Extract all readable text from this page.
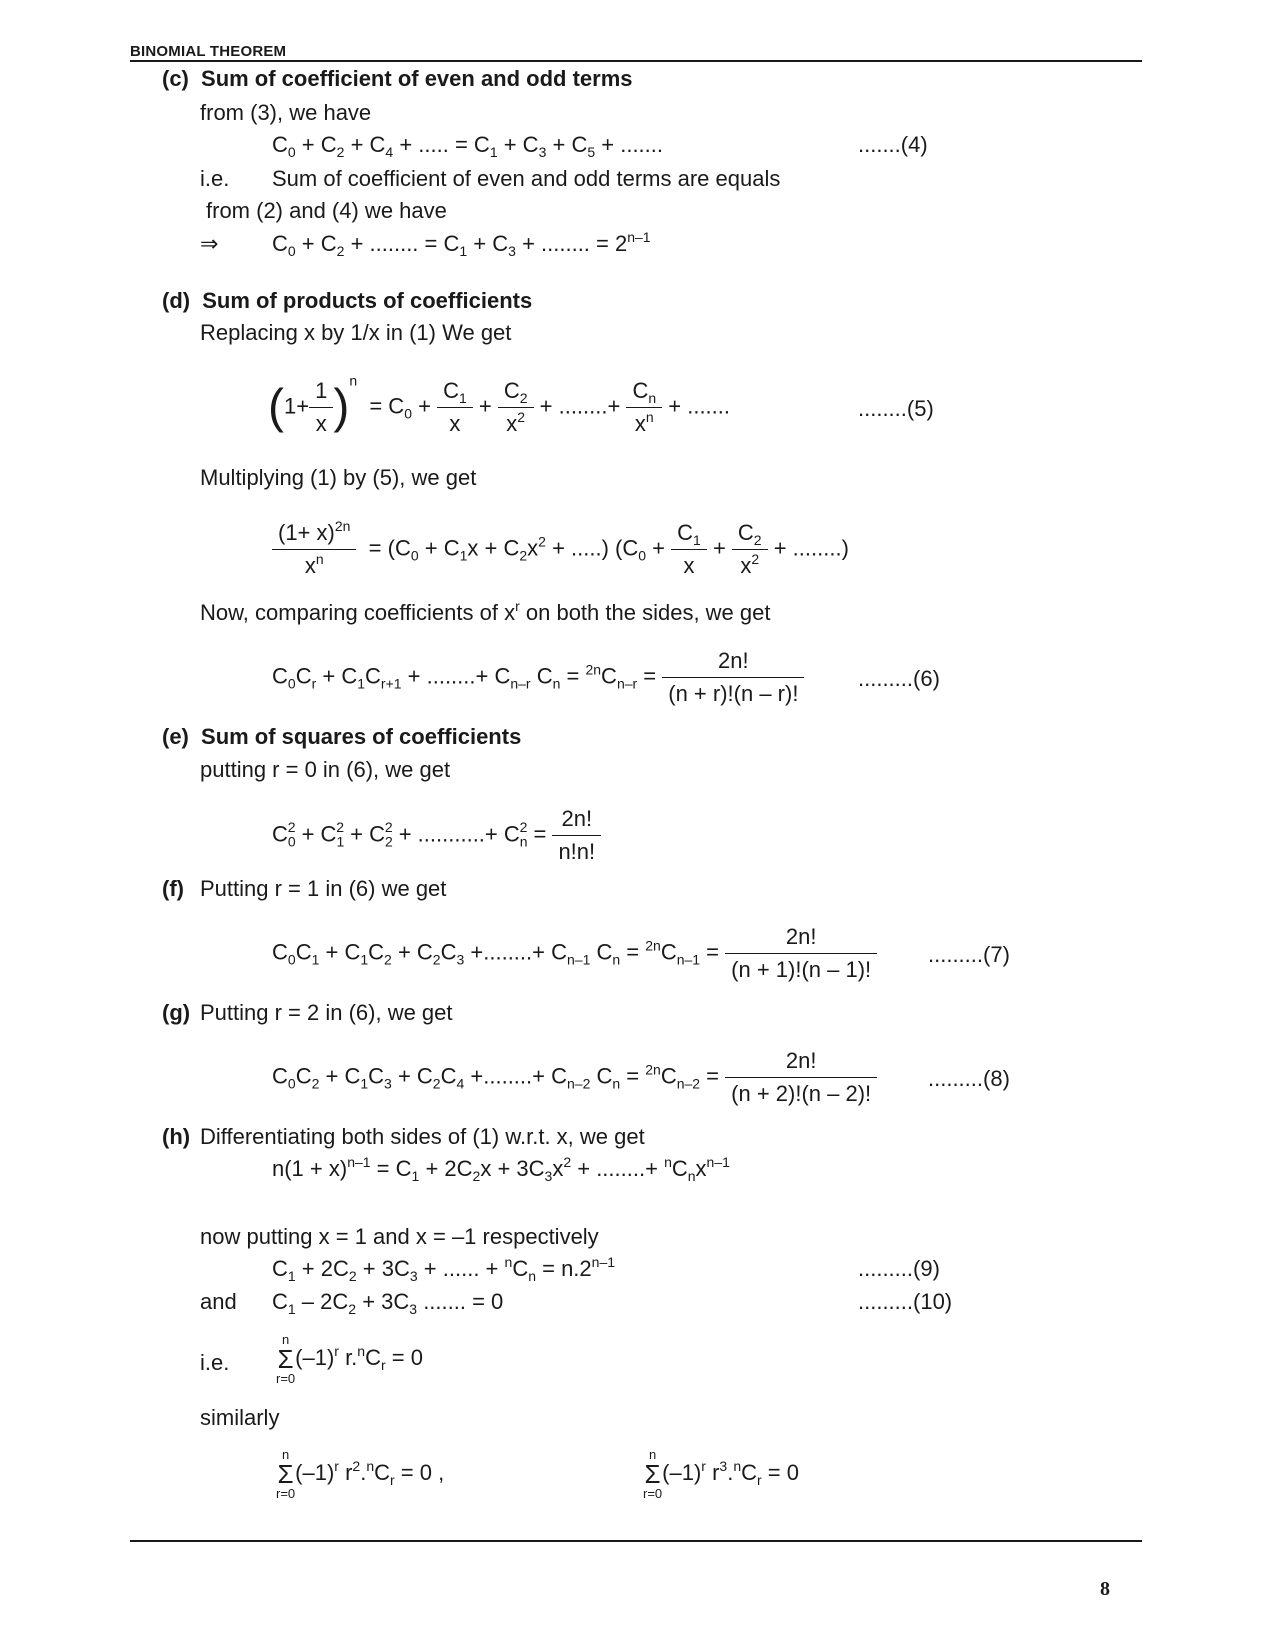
BINOMIAL THEOREM
(c) Sum of coefficient of even and odd terms
from (3), we have
$C_0 + C_2 + C_4$ + ..... = $C_1 + C_3 + C_5$ + .......	.......(4)
i.e. Sum of coefficient of even and odd terms are equals
from (2) and (4) we have
⇒ $C_0 + C_2$ + ........ = $C_1 + C_3$ + ........ = $2^{n-1}$
(d) Sum of products of coefficients
Replacing x by 1/x in (1) We get
$(1+ \frac{1}{x} )^n = C_0 + \frac{C_1}{x} + \frac{C_2}{x^2}$ + ........+ $\frac{C_n}{x^n}$ + .......	........(5)
Multiplying (1) by (5), we get
$\frac{(1+ x)^{2n}}{x^n} = (C_0 + C_1x + C_2x^2$ + .....) ($C_0 + \frac{C_1}{x} + \frac{C_2}{x^2}$ + ........)
Now, comparing coefficients of $x^r$ on both the sides, we get
$C_0C_r + C_1C_{r+1}$ + ........+ $C_{n-r}$ $C_n = ^{2n}C_{n-r} = \frac{2n!}{(n + r)!(n - r)!} .........(6)$
(e) Sum of squares of coefficients
putting r = 0 in (6), we get
$C_0^2 + C_1^2 + C_2^2$ + ...........+ $C_n^2 = \frac{2n!}{n!n!}$
(f) Putting r = 1 in (6) we get
$C_0C_1 + C_1C_2 + C_2C_3$ +........+ $C_{n-1}$ $C_n = ^{2n}C_{n-1} = \frac{2n!}{(n + 1)!(n - 1)!} .........(7)$
(g) Putting r = 2 in (6), we get
$C_0C_2 + C_1C_3 + C_2C_4$ +........+ $C_{n-2}$ $C_n = ^{2n}C_{n-2} = \frac{2n!}{(n + 2)!(n - 2)!} .........(8)$
(h) Differentiating both sides of (1) w.r.t. x, we get
$n(1 + x)^{n-1} = C_1 + 2C_2x + 3C_3x^2$ + ........+ $^nC_nx^{n-1}$
now putting x = 1 and x = –1 respectively
$C_1 + 2C_2 + 3C_3$ + ...... + $^nC_n = n.2^{n-1}$	.........(9)
and $C_1 - 2C_2 + 3C_3$ ....... = 0	.........(10)
i.e.
n
Σ
r=0
$(-1)^r$ $r.^nC_r = 0$
similarly
n
Σ
r=0
$(-1)^r$ $r^2.^nC_r = 0$ ,
n
Σ
r=0
$(-1)^r$ $r^3.^nC_r = 0$
8
